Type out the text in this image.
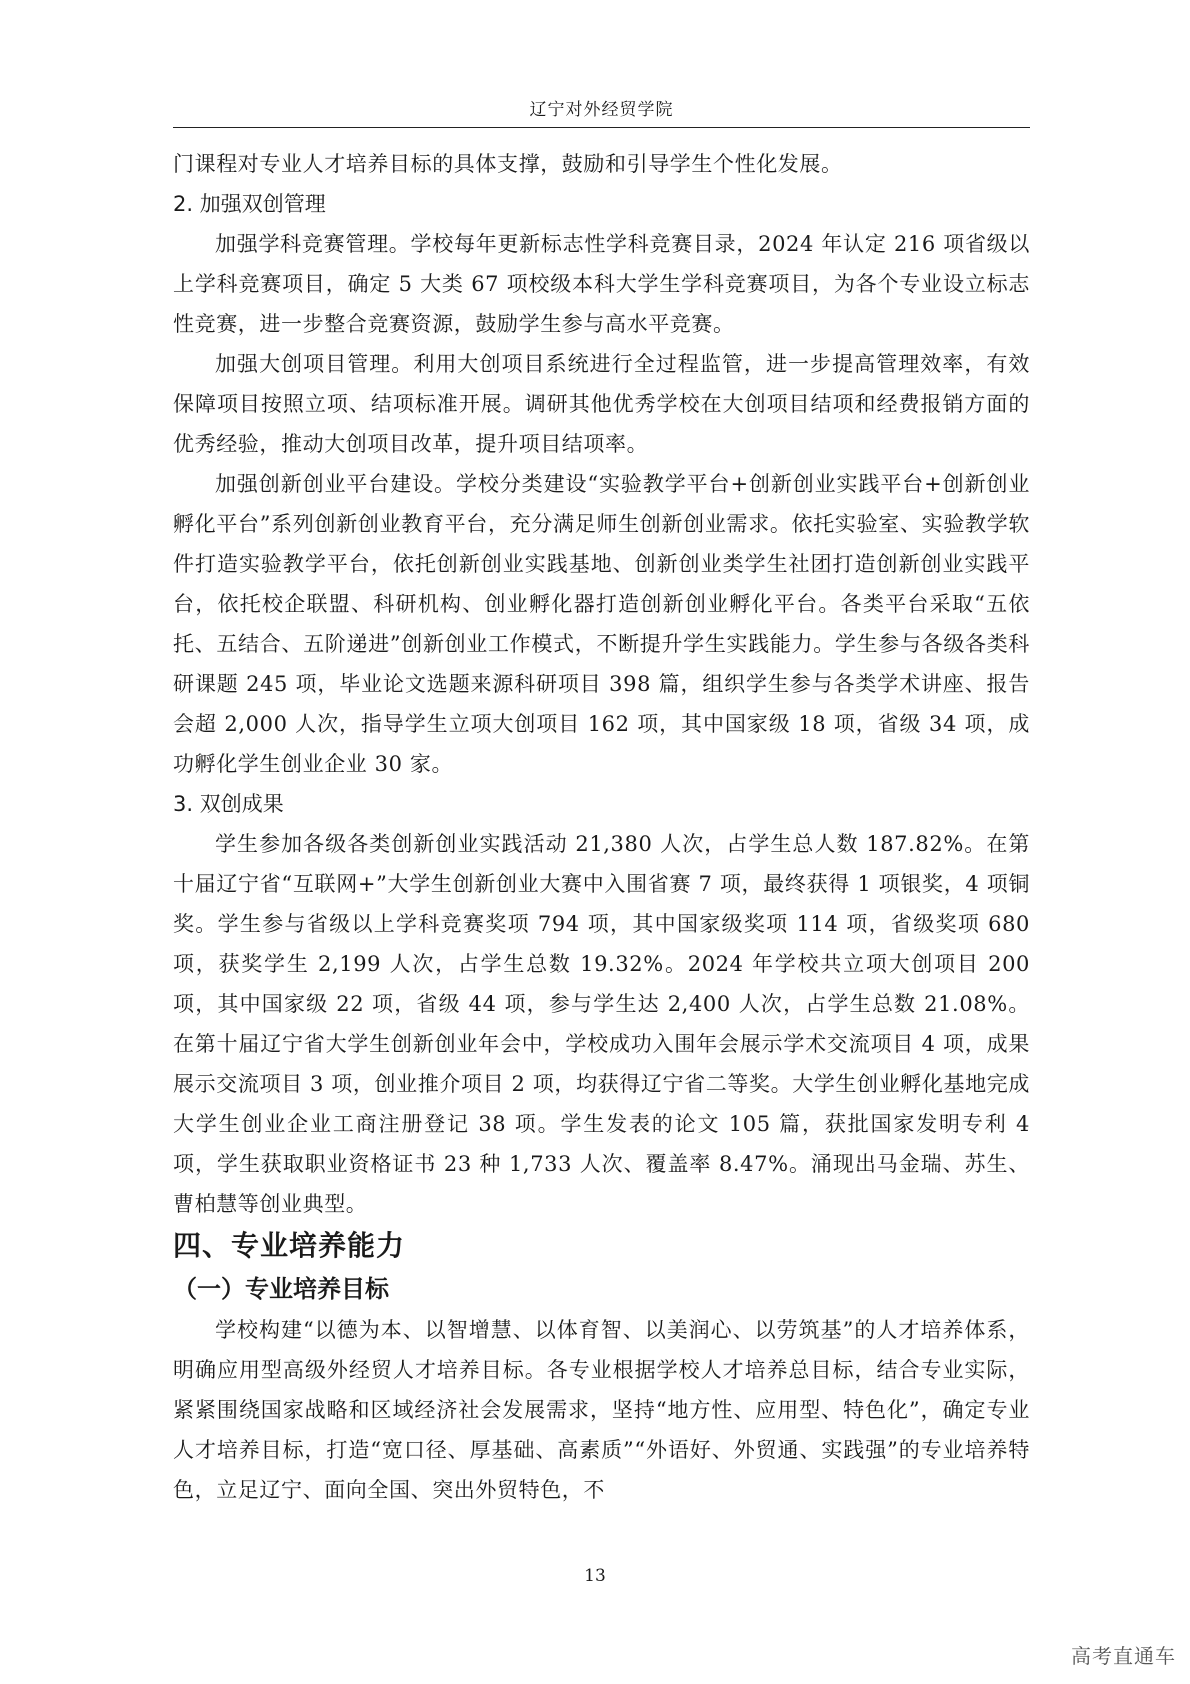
辽宁对外经贸学院

门课程对专业人才培养目标的具体支撑，鼓励和引导学生个性化发展。

2. 加强双创管理

加强学科竞赛管理。学校每年更新标志性学科竞赛目录，2024 年认定 216 项省级以上学科竞赛项目，确定 5 大类 67 项校级本科大学生学科竞赛项目，为各个专业设立标志性竞赛，进一步整合竞赛资源，鼓励学生参与高水平竞赛。

加强大创项目管理。利用大创项目系统进行全过程监管，进一步提高管理效率，有效保障项目按照立项、结项标准开展。调研其他优秀学校在大创项目结项和经费报销方面的优秀经验，推动大创项目改革，提升项目结项率。

加强创新创业平台建设。学校分类建设“实验教学平台+创新创业实践平台+创新创业孵化平台”系列创新创业教育平台，充分满足师生创新创业需求。依托实验室、实验教学软件打造实验教学平台，依托创新创业实践基地、创新创业类学生社团打造创新创业实践平台，依托校企联盟、科研机构、创业孵化器打造创新创业孵化平台。各类平台采取“五依托、五结合、五阶递进”创新创业工作模式，不断提升学生实践能力。学生参与各级各类科研课题 245 项，毕业论文选题来源科研项目 398 篇，组织学生参与各类学术讲座、报告会超 2,000 人次，指导学生立项大创项目 162 项，其中国家级 18 项，省级 34 项，成功孵化学生创业企业 30 家。

3. 双创成果

学生参加各级各类创新创业实践活动 21,380 人次，占学生总人数 187.82%。在第十届辽宁省“互联网+”大学生创新创业大赛中入围省赛 7 项，最终获得 1 项银奖，4 项铜奖。学生参与省级以上学科竞赛奖项 794 项，其中国家级奖项 114 项，省级奖项 680 项，获奖学生 2,199 人次，占学生总数 19.32%。2024 年学校共立项大创项目 200 项，其中国家级 22 项，省级 44 项，参与学生达 2,400 人次，占学生总数 21.08%。在第十届辽宁省大学生创新创业年会中，学校成功入围年会展示学术交流项目 4 项，成果展示交流项目 3 项，创业推介项目 2 项，均获得辽宁省二等奖。大学生创业孵化基地完成大学生创业企业工商注册登记 38 项。学生发表的论文 105 篇，获批国家发明专利 4 项，学生获取职业资格证书 23 种 1,733 人次、覆盖率 8.47%。涌现出马金瑞、苏生、曹柏慧等创业典型。

四、专业培养能力
（一）专业培养目标

学校构建“以德为本、以智增慧、以体育智、以美润心、以劳筑基”的人才培养体系，明确应用型高级外经贸人才培养目标。各专业根据学校人才培养总目标，结合专业实际，紧紧围绕国家战略和区域经济社会发展需求，坚持“地方性、应用型、特色化”，确定专业人才培养目标，打造“宽口径、厚基础、高素质”“外语好、外贸通、实践强”的专业培养特色，立足辽宁、面向全国、突出外贸特色，不

13
高考直通车
